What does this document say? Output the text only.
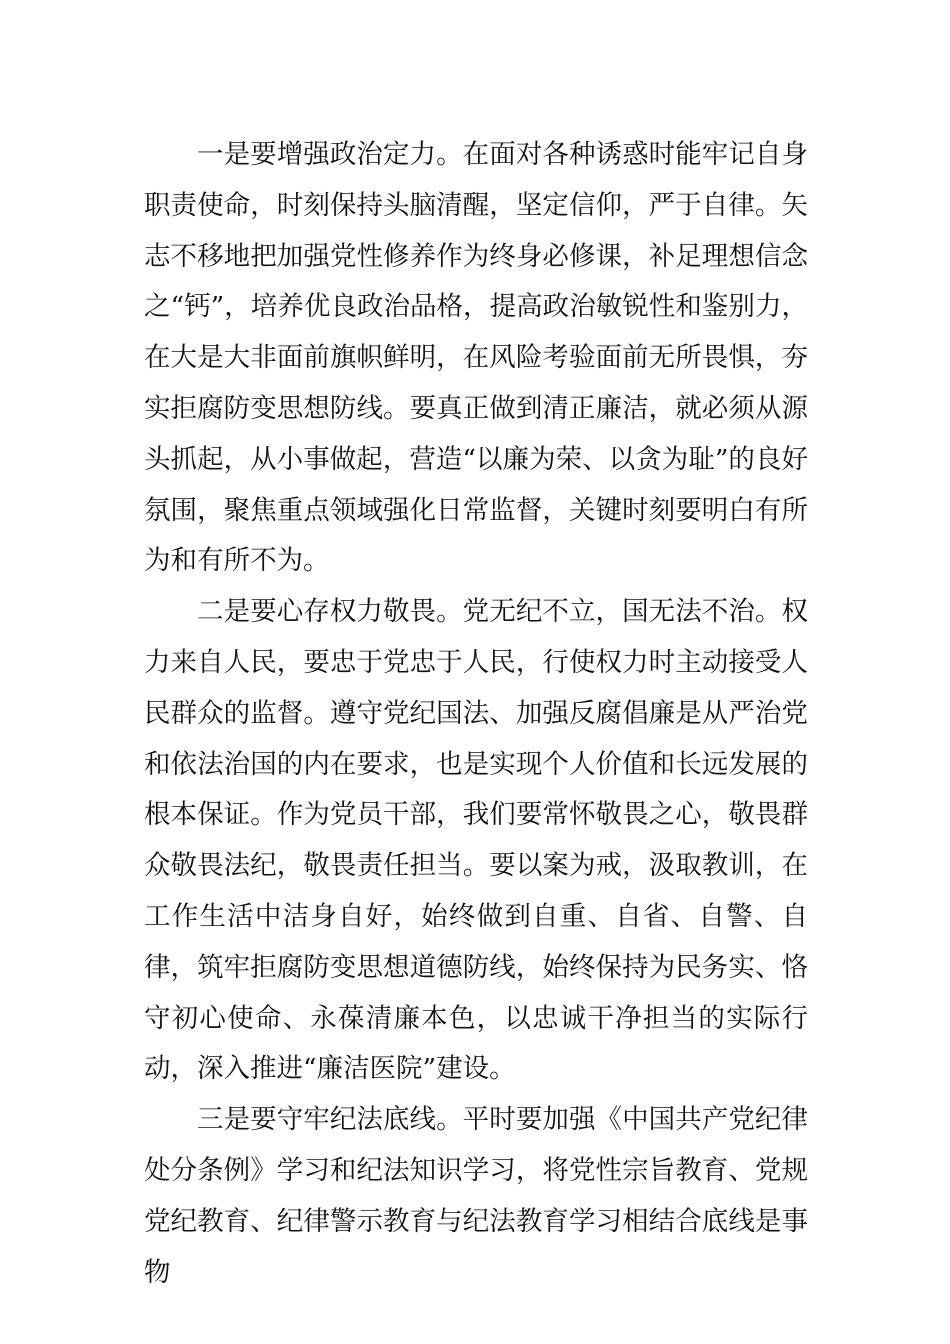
一是要增强政治定力。在面对各种诱惑时能牢记自身职责使命，时刻保持头脑清醒，坚定信仰，严于自律。矢志不移地把加强党性修养作为终身必修课，补足理想信念之“钙”，培养优良政治品格，提高政治敏锐性和鉴别力，在大是大非面前旗帜鲜明，在风险考验面前无所畏惧，夯实拒腐防变思想防线。要真正做到清正廉洁，就必须从源头抓起，从小事做起，营造“以廉为荣、以贪为耻”的良好氛围，聚焦重点领域强化日常监督，关键时刻要明白有所为和有所不为。

二是要心存权力敬畏。党无纪不立，国无法不治。权力来自人民，要忠于党忠于人民，行使权力时主动接受人民群众的监督。遵守党纪国法、加强反腐倡廉是从严治党和依法治国的内在要求，也是实现个人价值和长远发展的根本保证。作为党员干部，我们要常怀敬畏之心，敬畏群众敬畏法纪，敬畏责任担当。要以案为戒，汲取教训，在工作生活中洁身自好，始终做到自重、自省、自警、自律，筑牢拒腐防变思想道德防线，始终保持为民务实、恪守初心使命、永葆清廉本色，以忠诚干净担当的实际行动，深入推进“廉洁医院”建设。

三是要守牢纪法底线。平时要加强《中国共产党纪律处分条例》学习和纪法知识学习，将党性宗旨教育、党规党纪教育、纪律警示教育与纪法教育学习相结合底线是事物
